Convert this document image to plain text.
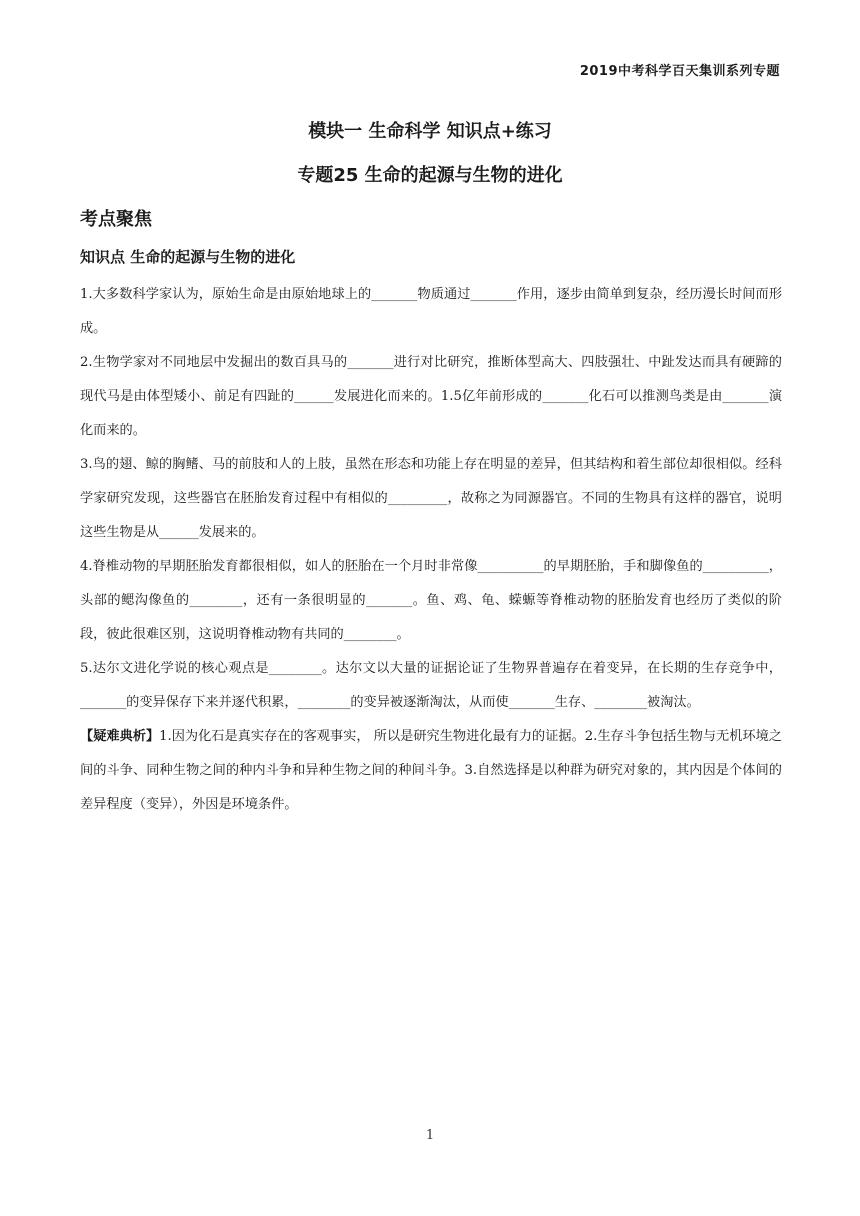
2019中考科学百天集训系列专题
模块一 生命科学 知识点+练习
专题25 生命的起源与生物的进化
考点聚焦
知识点 生命的起源与生物的进化

1.大多数科学家认为，原始生命是由原始地球上的_______物质通过_______作用，逐步由简单到复杂，经历漫长时间而形成。

2.生物学家对不同地层中发掘出的数百具马的_______进行对比研究，推断体型高大、四肢强壮、中趾发达而具有硬蹄的现代马是由体型矮小、前足有四趾的______发展进化而来的。1.5亿年前形成的_______化石可以推测鸟类是由_______演化而来的。

3.鸟的翅、鲸的胸鳍、马的前肢和人的上肢，虽然在形态和功能上存在明显的差异，但其结构和着生部位却很相似。经科学家研究发现，这些器官在胚胎发育过程中有相似的_________，故称之为同源器官。不同的生物具有这样的器官，说明这些生物是从______发展来的。

4.脊椎动物的早期胚胎发育都很相似，如人的胚胎在一个月时非常像__________的早期胚胎，手和脚像鱼的__________，头部的鳃沟像鱼的________，还有一条很明显的_______。鱼、鸡、龟、蝾螈等脊椎动物的胚胎发育也经历了类似的阶段，彼此很难区别，这说明脊椎动物有共同的________。

5.达尔文进化学说的核心观点是________。达尔文以大量的证据论证了生物界普遍存在着变异，在长期的生存竞争中，_______的变异保存下来并逐代积累，________的变异被逐渐淘汰，从而使_______生存、________被淘汰。

【疑难典析】1.因为化石是真实存在的客观事实， 所以是研究生物进化最有力的证据。2.生存斗争包括生物与无机环境之间的斗争、同种生物之间的种内斗争和异种生物之间的种间斗争。3.自然选择是以种群为研究对象的，其内因是个体间的差异程度（变异），外因是环境条件。

1
